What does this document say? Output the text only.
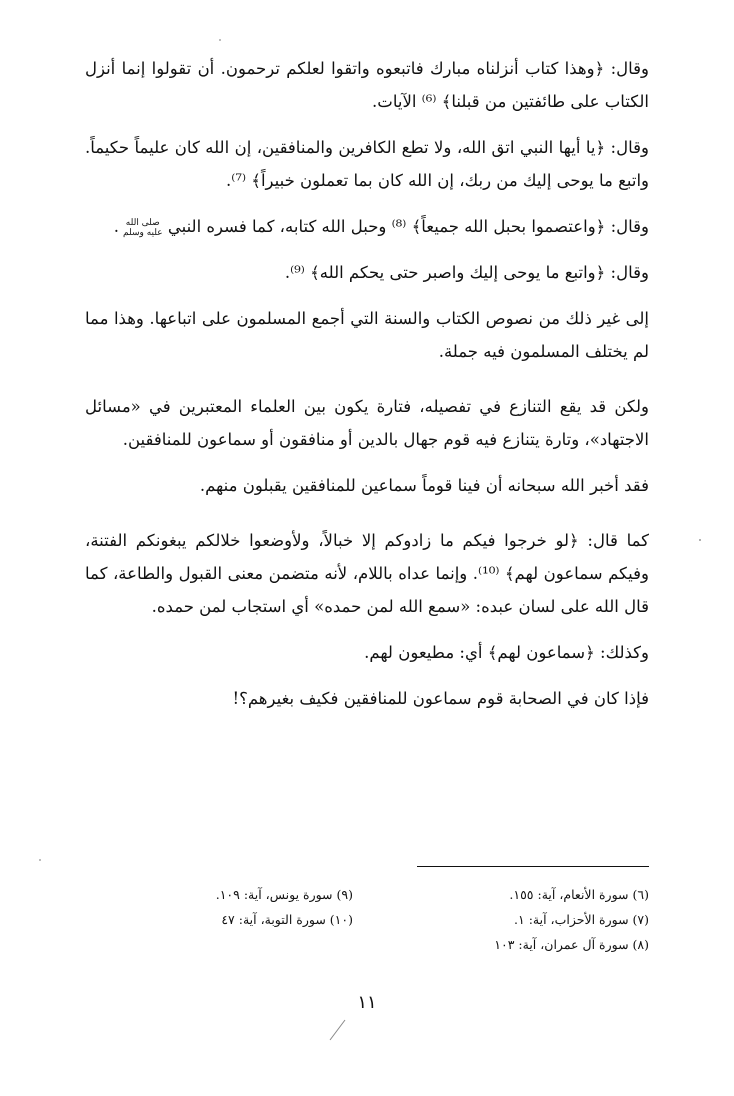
وقال: ﴿وهذا كتاب أنزلناه مبارك فاتبعوه واتقوا لعلكم ترحمون. أن تقولوا إنما أنزل الكتاب على طائفتين من قبلنا﴾ ⁽⁶⁾ الآيات.

وقال: ﴿يا أيها النبي اتق الله، ولا تطع الكافرين والمنافقين، إن الله كان عليماً حكيماً. واتبع ما يوحى إليك من ربك، إن الله كان بما تعملون خبيراً﴾ ⁽⁷⁾.

وقال: ﴿واعتصموا بحبل الله جميعاً﴾ ⁽⁸⁾ وحبل الله كتابه، كما فسره النبي صلى الله
عليه وسلم.

وقال: ﴿واتبع ما يوحى إليك واصبر حتى يحكم الله﴾ ⁽⁹⁾.

إلى غير ذلك من نصوص الكتاب والسنة التي أجمع المسلمون على اتباعها. وهذا مما لم يختلف المسلمون فيه جملة.

ولكن قد يقع التنازع في تفصيله، فتارة يكون بين العلماء المعتبرين في «مسائل الاجتهاد»، وتارة يتنازع فيه قوم جهال بالدين أو منافقون أو سماعون للمنافقين.

فقد أخبر الله سبحانه أن فينا قوماً سماعين للمنافقين يقبلون منهم.

كما قال: ﴿لو خرجوا فيكم ما زادوكم إلا خبالاً، ولأوضعوا خلالكم يبغونكم الفتنة، وفيكم سماعون لهم﴾ ⁽¹⁰⁾. وإنما عداه باللام، لأنه متضمن معنى القبول والطاعة، كما قال الله على لسان عبده: «سمع الله لمن حمده» أي استجاب لمن حمده.

وكذلك: ﴿سماعون لهم﴾ أي: مطيعون لهم.

فإذا كان في الصحابة قوم سماعون للمنافقين فكيف بغيرهم؟!

(٦) سورة الأنعام، آية: ١٥٥.
(٧) سورة الأحزاب، آية: ١.
(٨) سورة آل عمران، آية: ١٠٣
(٩) سورة يونس، آية: ١٠٩.
(١٠) سورة التوبة، آية: ٤٧
١١
